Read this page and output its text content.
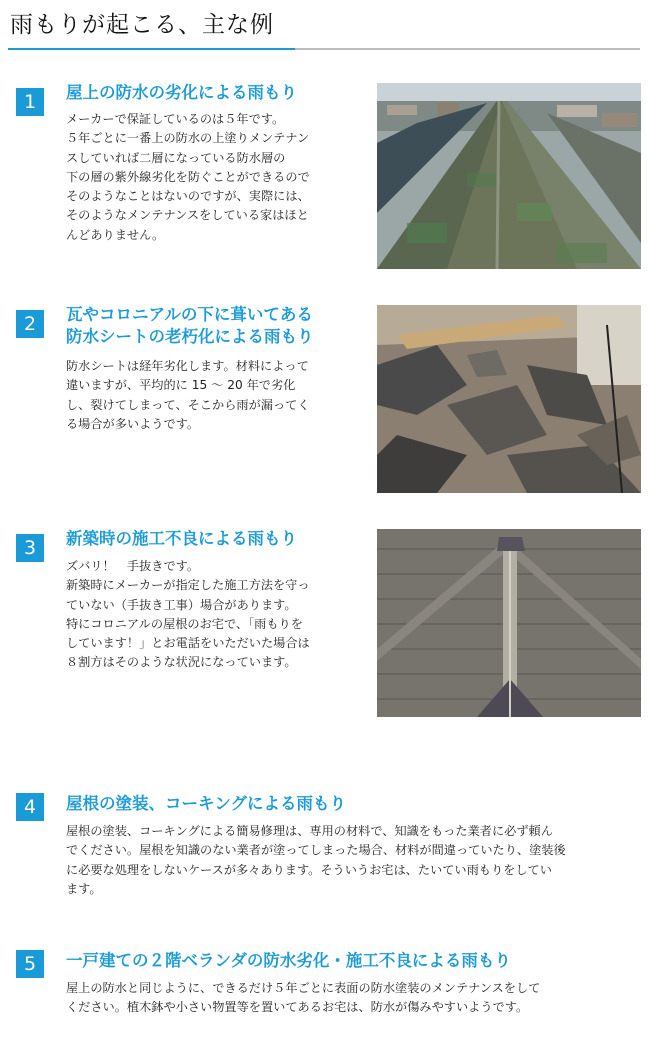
雨もりが起こる、主な例
1	屋上の防水の劣化による雨もり
メーカーで保証しているのは５年です。
５年ごとに一番上の防水の上塗りメンテナン
スしていれば二層になっている防水層の
下の層の紫外線劣化を防ぐことができるので
そのようなことはないのですが、実際には、
そのようなメンテナンスをしている家はほと
んどありません。
2	瓦やコロニアルの下に葺いてある
防水シートの老朽化による雨もり
防水シートは経年劣化します。材料によって
違いますが、平均的に 15 ～ 20 年で劣化
し、裂けてしまって、そこから雨が漏ってく
る場合が多いようです。
3	新築時の施工不良による雨もり
ズバリ！　手抜きです。
新築時にメーカーが指定した施工方法を守っ
ていない（手抜き工事）場合があります。
特にコロニアルの屋根のお宅で、「雨もりを
しています！」とお電話をいただいた場合は
８割方はそのような状況になっています。
4	屋根の塗装、コーキングによる雨もり
屋根の塗装、コーキングによる簡易修理は、専用の材料で、知識をもった業者に必ず頼ん
でください。屋根を知識のない業者が塗ってしまった場合、材料が間違っていたり、塗装後
に必要な処理をしないケースが多々あります。そういうお宅は、たいてい雨もりをしてい
ます。
5	一戸建ての２階ベランダの防水劣化・施工不良による雨もり
屋上の防水と同じように、できるだけ５年ごとに表面の防水塗装のメンテナンスをして
ください。植木鉢や小さい物置等を置いてあるお宅は、防水が傷みやすいようです。
